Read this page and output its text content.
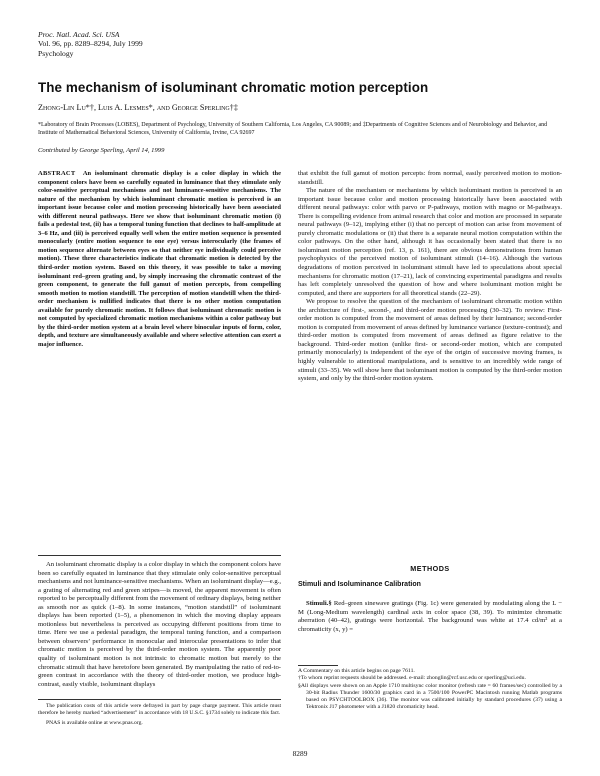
Proc. Natl. Acad. Sci. USA
Vol. 96, pp. 8289–8294, July 1999
Psychology
The mechanism of isoluminant chromatic motion perception
Zhong-Lin Lu*†, Luis A. Lesmes*, and George Sperling†‡
*Laboratory of Brain Processes (LOBES), Department of Psychology, University of Southern California, Los Angeles, CA 90089; and ‡Departments of Cognitive Sciences and of Neurobiology and Behavior, and Institute of Mathematical Behavioral Sciences, University of California, Irvine, CA 92697
Contributed by George Sperling, April 14, 1999
ABSTRACT An isoluminant chromatic display is a color display in which the component colors have been so carefully equated in luminance that they stimulate only color-sensitive perceptual mechanisms and not luminance-sensitive mechanisms. The nature of the mechanism by which isoluminant chromatic motion is perceived is an important issue because color and motion processing historically have been associated with different neural pathways. Here we show that isoluminant chromatic motion (i) fails a pedestal test, (ii) has a temporal tuning function that declines to half-amplitude at 3–6 Hz, and (iii) is perceived equally well when the entire motion sequence is presented monocularly (entire motion sequence to one eye) versus interocularly (the frames of motion sequence alternate between eyes so that neither eye individually could perceive motion). These three characteristics indicate that chromatic motion is detected by the third-order motion system. Based on this theory, it was possible to take a moving isoluminant red–green grating and, by simply increasing the chromatic contrast of the green component, to generate the full gamut of motion percepts, from compelling smooth motion to motion standstill. The perception of motion standstill when the third-order mechanism is nullified indicates that there is no other motion computation available for purely chromatic motion. It follows that isoluminant chromatic motion is not computed by specialized chromatic motion mechanisms within a color pathway but by the third-order motion system at a brain level where binocular inputs of form, color, depth, and texture are simultaneously available and where selective attention can exert a major influence.
An isoluminant chromatic display is a color display in which the component colors have been so carefully equated in luminance that they stimulate only color-sensitive perceptual mechanisms and not luminance-sensitive mechanisms. When an isoluminant display—e.g., a grating of alternating red and green stripes—is moved, the apparent movement is often reported to be perceptually different from the movement of ordinary displays, being neither as smooth nor as quick (1–8). In some instances, “motion standstill” of isoluminant displays has been reported (1–5), a phenomenon in which the moving display appears motionless but nevertheless is perceived as occupying different positions from time to time. Here we use a pedestal paradigm, the temporal tuning function, and a comparison between observers’ performance in monocular and interocular presentations to infer that chromatic motion is perceived by the third-order motion system. The apparently poor quality of isoluminant motion is not intrinsic to chromatic motion but merely to the chromatic stimuli that have heretofore been generated. By manipulating the ratio of red-to-green contrast in accordance with the theory of third-order motion, we produce high-contrast, easily visible, isoluminant displays

The publication costs of this article were defrayed in part by page charge payment. This article must therefore be hereby marked “advertisement” in accordance with 18 U.S.C. §1734 solely to indicate this fact.

PNAS is available online at www.pnas.org.

that exhibit the full gamut of motion percepts: from normal, easily perceived motion to motion-standstill.

The nature of the mechanism or mechanisms by which isoluminant motion is perceived is an important issue because color and motion processing historically have been associated with different neural pathways: color with parvo or P-pathways, motion with magno or M-pathways. There is compelling evidence from animal research that color and motion are processed in separate neural pathways (9–12), implying either (i) that no percept of motion can arise from movement of purely chromatic modulations or (ii) that there is a separate neural motion computation within the color pathways. On the other hand, although it has occasionally been stated that there is no isoluminant motion perception (ref. 13, p. 161), there are obvious demonstrations from human psychophysics of the perceived motion of isoluminant stimuli (14–16). Although the various degradations of motion perceived in isoluminant stimuli have led to speculations about special mechanisms for chromatic motion (17–21), lack of convincing experimental paradigms and results has left completely unresolved the question of how and where isoluminant motion might be computed, and there are supporters for all theoretical stands (22–29).

We propose to resolve the question of the mechanism of isoluminant chromatic motion within the architecture of first-, second-, and third-order motion processing (30–32). To review: First-order motion is computed from the movement of areas defined by their luminance; second-order motion is computed from movement of areas defined by luminance variance (texture-contrast); and third-order motion is computed from movement of areas defined as figure relative to the background. Third-order motion (unlike first- or second-order motion, which are computed primarily monocularly) is independent of the eye of the origin of successive moving frames, is highly vulnerable to attentional manipulations, and is sensitive to an incredibly wide range of stimuli (33–35). We will show here that isoluminant motion is computed by the third-order motion system, and only by the third-order motion system.

METHODS
Stimuli and Isoluminance Calibration
Stimuli.§ Red–green sinewave gratings (Fig. 1c) were generated by modulating along the L − M (Long-Medium wavelength) cardinal axis in color space (38, 39). To minimize chromatic aberration (40–42), gratings were horizontal. The background was white at 17.4 cd/m² at a chromaticity (x, y) =

A Commentary on this article begins on page 7611.

†To whom reprint requests should be addressed. e-mail: zhonglin@rcf.usc.edu or sperling@uci.edu.

§All displays were shown on an Apple 1710 multisync color monitor (refresh rate = 60 frames/sec) controlled by a 30-bit Radius Thunder 1600/30 graphics card in a 7500/100 PowerPC Macintosh running Matlab programs based on PSYCHTOOLBOX (36). The monitor was calibrated initially by standard procedures (37) using a Tektronix J17 photometer with a J1820 chromaticity head.

8289
